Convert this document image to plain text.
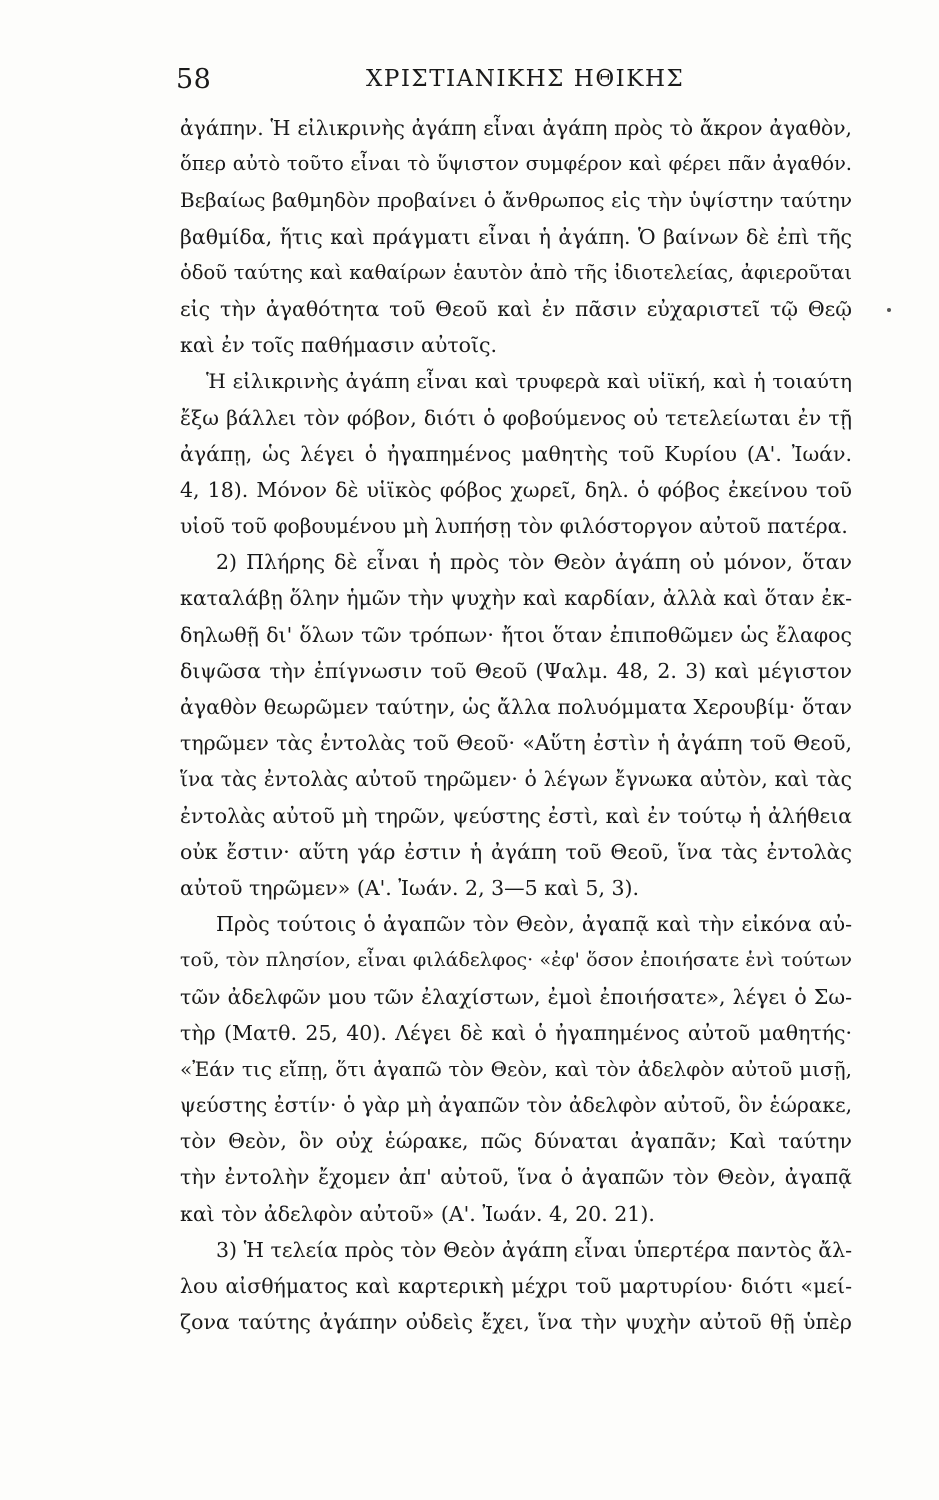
58	ΧΡΙΣΤΙΑΝΙΚΗΣ ΗΘΙΚΗΣ
ἀγάπην. Ἡ εἰλικρινὴς ἀγάπη εἶναι ἀγάπη πρὸς τὸ ἄκρον ἀγαθὸν,
ὅπερ αὐτὸ τοῦτο εἶναι τὸ ὕψιστον συμφέρον καὶ φέρει πᾶν ἀγαθόν.
Βεβαίως βαθμηδὸν προβαίνει ὁ ἄνθρωπος εἰς τὴν ὑψίστην ταύτην
βαθμίδα, ἥτις καὶ πράγματι εἶναι ἡ ἀγάπη. Ὁ βαίνων δὲ ἐπὶ τῆς
ὁδοῦ ταύτης καὶ καθαίρων ἑαυτὸν ἀπὸ τῆς ἰδιοτελείας, ἀφιεροῦται
εἰς τὴν ἀγαθότητα τοῦ Θεοῦ καὶ ἐν πᾶσιν εὐχαριστεῖ τῷ Θεῷ
καὶ ἐν τοῖς παθήμασιν αὐτοῖς.
Ἡ εἰλικρινὴς ἀγάπη εἶναι καὶ τρυφερὰ καὶ υἱϊκή, καὶ ἡ τοιαύτη
ἔξω βάλλει τὸν φόβον, διότι ὁ φοβούμενος οὐ τετελείωται ἐν τῇ
ἀγάπῃ, ὡς λέγει ὁ ἠγαπημένος μαθητὴς τοῦ Κυρίου (Α'. Ἰωάν.
4, 18). Μόνον δὲ υἱϊκὸς φόβος χωρεῖ, δηλ. ὁ φόβος ἐκείνου τοῦ
υἱοῦ τοῦ φοβουμένου μὴ λυπήσῃ τὸν φιλόστοργον αὐτοῦ πατέρα.
2) Πλήρης δὲ εἶναι ἡ πρὸς τὸν Θεὸν ἀγάπη οὐ μόνον, ὅταν
καταλάβῃ ὅλην ἡμῶν τὴν ψυχὴν καὶ καρδίαν, ἀλλὰ καὶ ὅταν ἐκ-
δηλωθῇ δι' ὅλων τῶν τρόπων· ἤτοι ὅταν ἐπιποθῶμεν ὡς ἔλαφος
διψῶσα τὴν ἐπίγνωσιν τοῦ Θεοῦ (Ψαλμ. 48, 2. 3) καὶ μέγιστον
ἀγαθὸν θεωρῶμεν ταύτην, ὡς ἄλλα πολυόμματα Χερουβίμ· ὅταν
τηρῶμεν τὰς ἐντολὰς τοῦ Θεοῦ· «Αὕτη ἐστὶν ἡ ἀγάπη τοῦ Θεοῦ,
ἵνα τὰς ἐντολὰς αὐτοῦ τηρῶμεν· ὁ λέγων ἔγνωκα αὐτὸν, καὶ τὰς
ἐντολὰς αὐτοῦ μὴ τηρῶν, ψεύστης ἐστὶ, καὶ ἐν τούτῳ ἡ ἀλήθεια
οὐκ ἔστιν· αὕτη γάρ ἐστιν ἡ ἀγάπη τοῦ Θεοῦ, ἵνα τὰς ἐντολὰς
αὐτοῦ τηρῶμεν» (Α'. Ἰωάν. 2, 3—5 καὶ 5, 3).
Πρὸς τούτοις ὁ ἀγαπῶν τὸν Θεὸν, ἀγαπᾷ καὶ τὴν εἰκόνα αὐ-
τοῦ, τὸν πλησίον, εἶναι φιλάδελφος· «ἐφ' ὅσον ἐποιήσατε ἑνὶ τούτων
τῶν ἀδελφῶν μου τῶν ἐλαχίστων, ἐμοὶ ἐποιήσατε», λέγει ὁ Σω-
τὴρ (Ματθ. 25, 40). Λέγει δὲ καὶ ὁ ἠγαπημένος αὐτοῦ μαθητής·
«Ἐάν τις εἴπῃ, ὅτι ἀγαπῶ τὸν Θεὸν, καὶ τὸν ἀδελφὸν αὐτοῦ μισῇ,
ψεύστης ἐστίν· ὁ γὰρ μὴ ἀγαπῶν τὸν ἀδελφὸν αὐτοῦ, ὃν ἑώρακε,
τὸν Θεὸν, ὃν οὐχ ἑώρακε, πῶς δύναται ἀγαπᾶν; Καὶ ταύτην
τὴν ἐντολὴν ἔχομεν ἀπ' αὐτοῦ, ἵνα ὁ ἀγαπῶν τὸν Θεὸν, ἀγαπᾷ
καὶ τὸν ἀδελφὸν αὐτοῦ» (Α'. Ἰωάν. 4, 20. 21).
3) Ἡ τελεία πρὸς τὸν Θεὸν ἀγάπη εἶναι ὑπερτέρα παντὸς ἄλ-
λου αἰσθήματος καὶ καρτερικὴ μέχρι τοῦ μαρτυρίου· διότι «μεί-
ζονα ταύτης ἀγάπην οὐδεὶς ἔχει, ἵνα τὴν ψυχὴν αὐτοῦ θῇ ὑπὲρ
